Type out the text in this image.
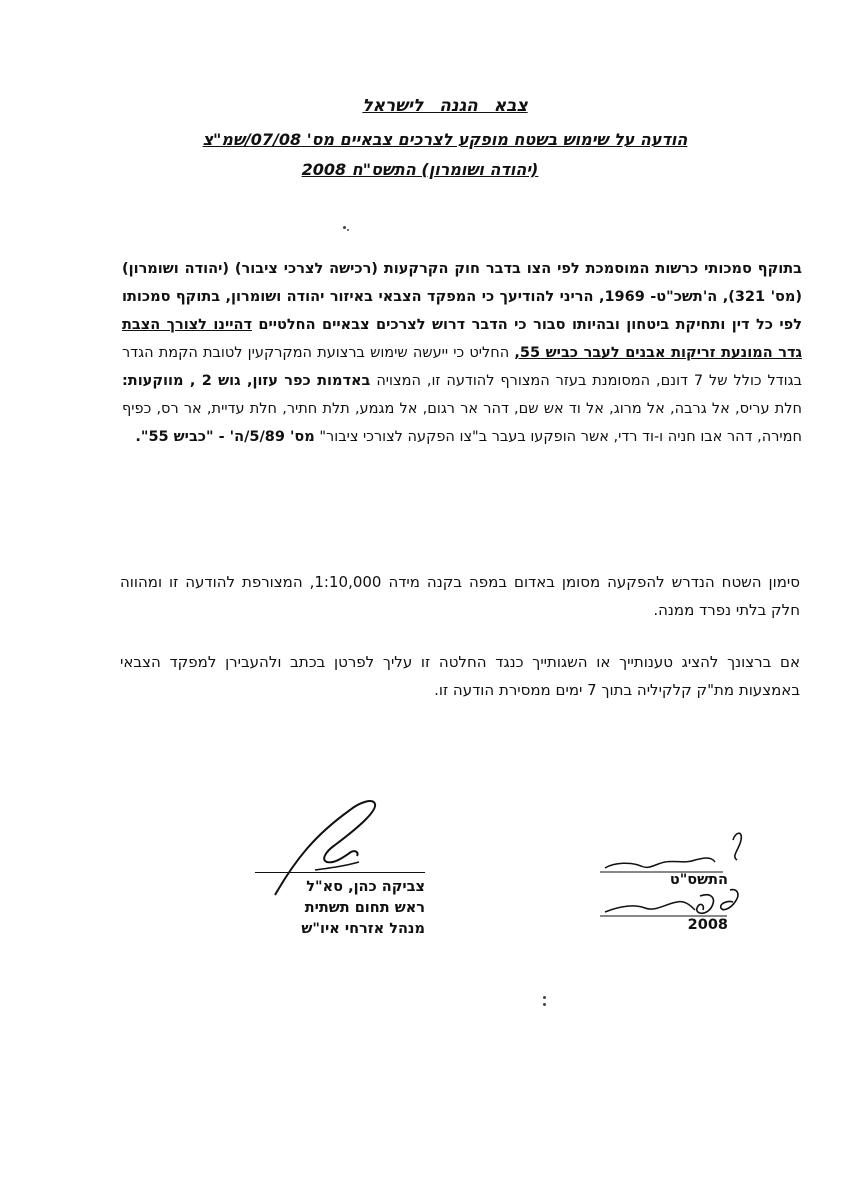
צבא הגנה לישראל
הודעה על שימוש בשטח מופקע לצרכים צבאיים מס' 07/08/שמ"צ
(יהודה ושומרון) התשס"ח 2008
בתוקף סמכותי כרשות המוסמכת לפי הצו בדבר חוק הקרקעות (רכישה לצרכי ציבור) (יהודה ושומרון) (מס' 321), ה'תשכ"ט- 1969, הריני להודיעך כי המפקד הצבאי באיזור יהודה ושומרון, בתוקף סמכותו לפי כל דין ותחיקת ביטחון ובהיותו סבור כי הדבר דרוש לצרכים צבאיים החלטיים דהיינו לצורך הצבת גדר המונעת זריקות אבנים לעבר כביש 55, החליט כי ייעשה שימוש ברצועת המקרקעין לטובת הקמת הגדר בגודל כולל של 7 דונם, המסומנת בעזר המצורף להודעה זו, המצויה באדמות כפר עזון, גוש 2 , מווקעות: חלת עריס, אל גרבה, אל מרוג, אל וד אש שם, דהר אר רגום, אל מגמע, תלת חתיר, חלת עדיית, אר רס, כפיף חמירה, דהר אבו חניה ו-וד רדי, אשר הופקעו בעבר ב"צו הפקעה לצורכי ציבור" מס' 5/89/ה' - "כביש 55".
סימון השטח הנדרש להפקעה מסומן באדום במפה בקנה מידה 1:10,000, המצורפת להודעה זו ומהווה חלק בלתי נפרד ממנה.
אם ברצונך להציג טענותייך או השגותייך כנגד החלטה זו עליך לפרטן בכתב ולהעבירן למפקד הצבאי באמצעות מת"ק קלקיליה בתוך 7 ימים ממסירת הודעה זו.
צביקה כהן, סא"ל
ראש תחום תשתית
מנהל אזרחי איו"ש
התשס"ט
2008
